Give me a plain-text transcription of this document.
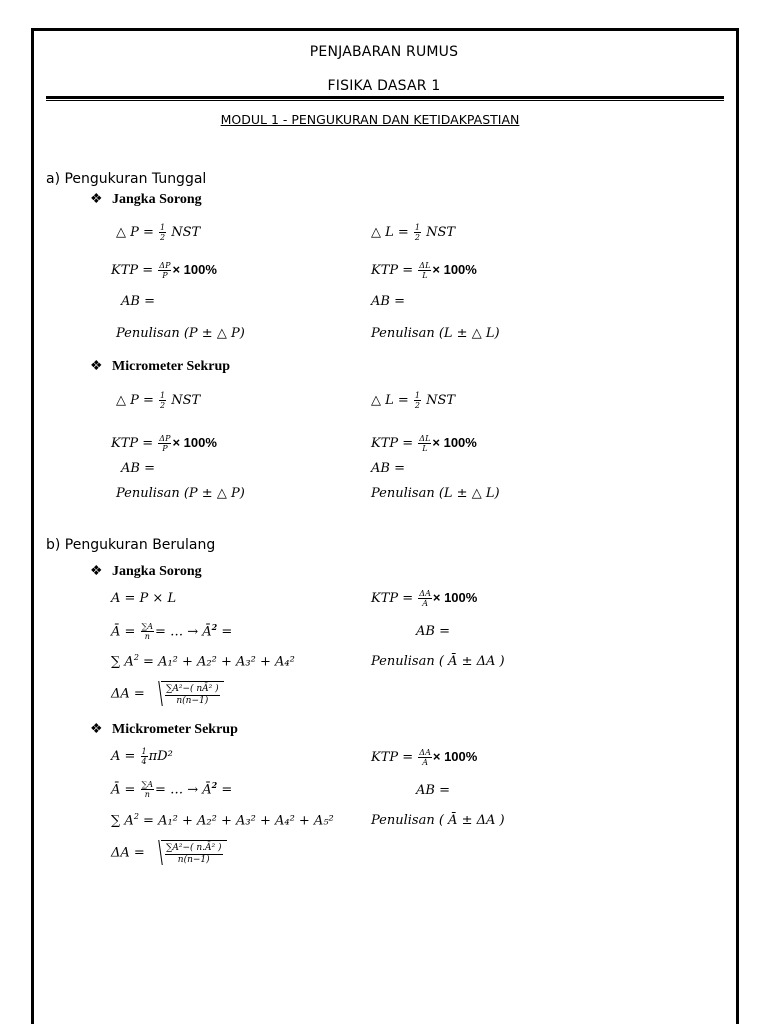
PENJABARAN RUMUS
FISIKA DASAR 1
MODUL 1 - PENGUKURAN DAN KETIDAKPASTIAN
a) Pengukuran Tunggal
❖ Jangka Sorong
△ $P = \frac{1}{2}$ NST	△ $L = \frac{1}{2}$ NST
KTP = $\frac{\Delta P}{P} \times 100\%$	KTP = $\frac{\Delta L}{L} \times 100\%$
AB =	AB =
Penulisan (P ± △ P)	Penulisan (L ± △ L)
❖ Micrometer Sekrup
△ $P = \frac{1}{2}$ NST	△ $L = \frac{1}{2}$ NST
KTP = $\frac{\Delta P}{P} \times 100\%$	KTP = $\frac{\Delta L}{L} \times 100\%$
AB =	AB =
Penulisan (P ± △ P)	Penulisan (L ± △ L)
b) Pengukuran Berulang
❖ Jangka Sorong
A = P × L	KTP = $\frac{\Delta A}{Ā} \times 100\%$
Ā = $\frac{\sum A}{n}$ = … → $Ā^2$ =	AB =
∑ $A^2 = A_1^2 + A_2^2 + A_3^2 + A_4^2$	Penulisan ( Ā ± ΔA )
$\Delta A = \frac{\text{∑A²−( nĀ² )}}{n(n-1)}$
❖ Mickrometer Sekrup
$A = \frac{1}{4} \pi D^2$	KTP = $\frac{\Delta A}{Ā} \times 100\%$
Ā = $\frac{\sum A}{n}$ = … → $Ā^2$ =	AB =
∑ $A^2 = A_1^2 + A_2^2 + A_3^2 + A_4^2 + A_5^2$	Penulisan ( Ā ± ΔA )
$\Delta A = \frac{\text{∑A²−( n.Ā² )}}{n(n-1)}$
